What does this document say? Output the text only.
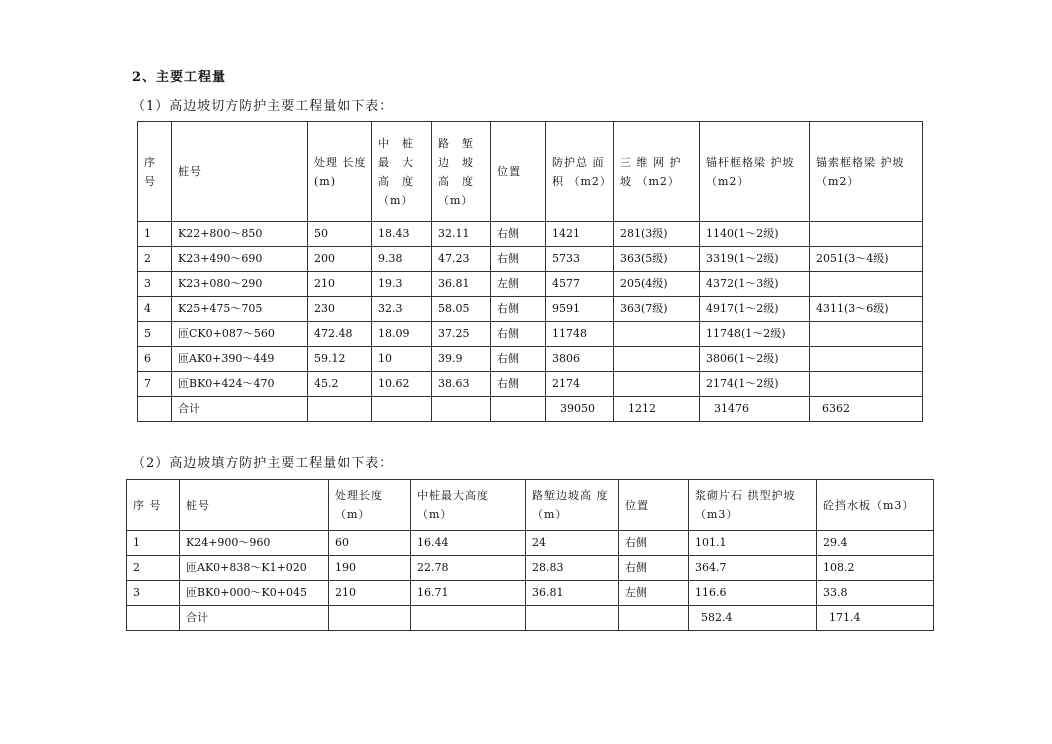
2、主要工程量
（1）高边坡切方防护主要工程量如下表：
序 号	桩号	处理 长度(m)	中　桩 最　大 高　度 （m）	路　堑 边　坡 高　度 （m）	位置	防护总 面积 （m2）	三 维 网 护 坡 （m2）	锚杆框格梁 护坡 （m2）	锚索框格梁 护坡（m2）
1	K22+800～850	50	18.43	32.11	右侧	1421	281(3级)	1140(1～2级)	
2	K23+490～690	200	9.38	47.23	右侧	5733	363(5级)	3319(1～2级)	2051(3～4级)
3	K23+080～290	210	19.3	36.81	左侧	4577	205(4级)	4372(1～3级)	
4	K25+475～705	230	32.3	58.05	右侧	9591	363(7级)	4917(1～2级)	4311(3～6级)
5	匝CK0+087～560	472.48	18.09	37.25	右侧	11748		11748(1～2级)	
6	匝AK0+390～449	59.12	10	39.9	右侧	3806		3806(1～2级)	
7	匝BK0+424～470	45.2	10.62	38.63	右侧	2174		2174(1～2级)	
	合计					39050	1212	31476	6362
（2）高边坡填方防护主要工程量如下表：
序 号	桩号	处理长度 （m）	中桩最大高度 （m）	路堑边坡高 度（m）	位置	浆砌片石 拱型护坡（m3）	砼挡水板（m3）
1	K24+900～960	60	16.44	24	右侧	101.1	29.4
2	匝AK0+838～K1+020	190	22.78	28.83	右侧	364.7	108.2
3	匝BK0+000～K0+045	210	16.71	36.81	左侧	116.6	33.8
	合计					582.4	171.4
